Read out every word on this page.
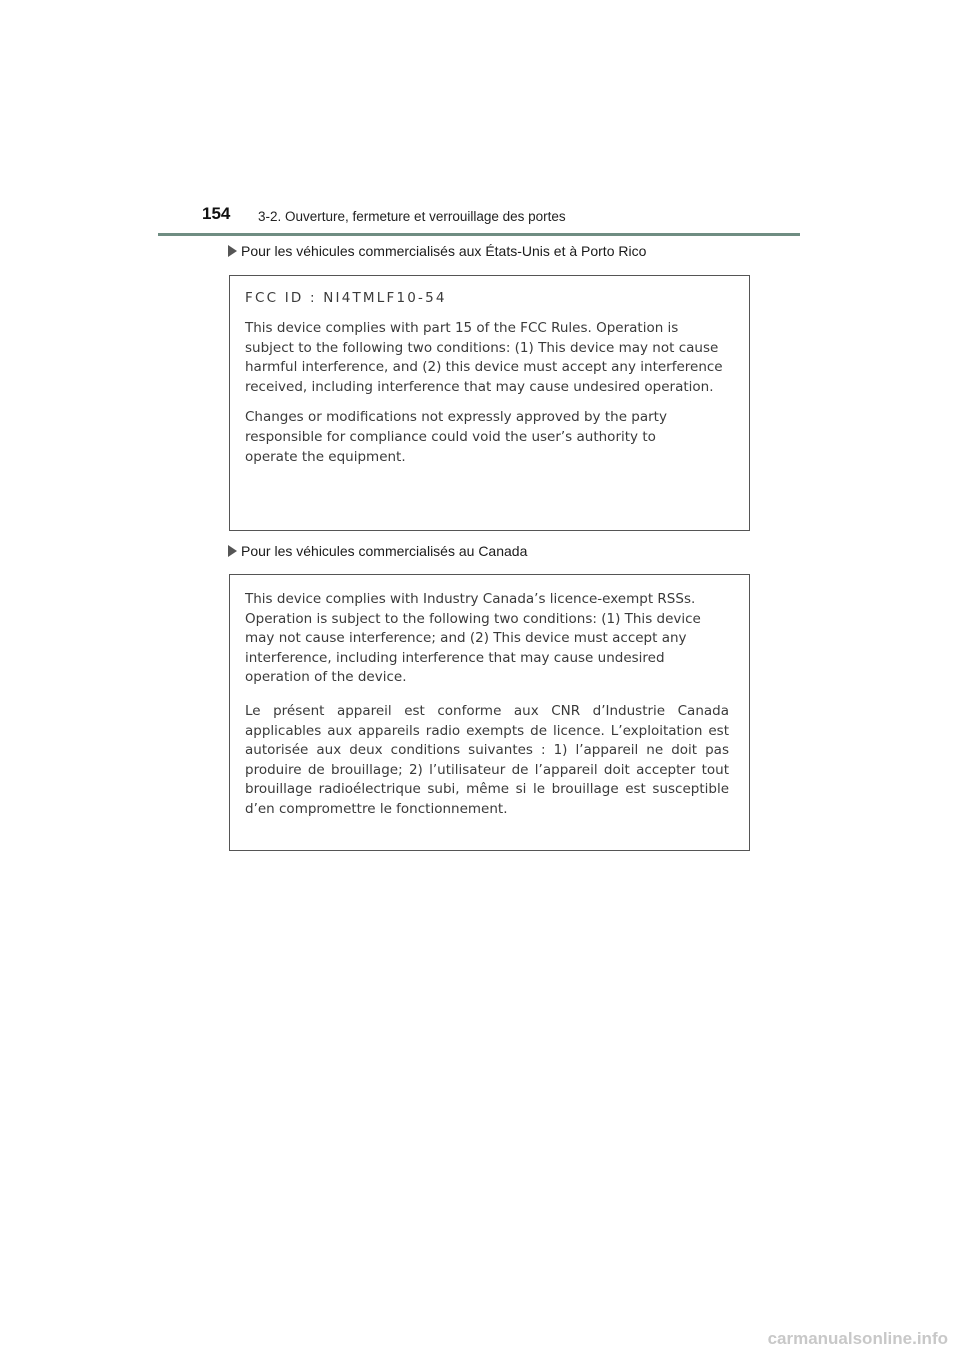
154 3-2. Ouverture, fermeture et verrouillage des portes
Pour les véhicules commercialisés aux États-Unis et à Porto Rico
FCC ID : NI4TMLF10-54

This device complies with part 15 of the FCC Rules. Operation is subject to the following two conditions: (1) This device may not cause harmful interference, and (2) this device must accept any interference received, including interference that may cause undesired operation.

Changes or modifications not expressly approved by the party responsible for compliance could void the user’s authority to operate the equipment.

Pour les véhicules commercialisés au Canada

This device complies with Industry Canada’s licence-exempt RSSs. Operation is subject to the following two conditions: (1) This device may not cause interference; and (2) This device must accept any interference, including interference that may cause undesired operation of the device.

Le présent appareil est conforme aux CNR d’Industrie Canada applicables aux appareils radio exempts de licence. L’exploitation est autorisée aux deux conditions suivantes : 1) l’appareil ne doit pas produire de brouillage; 2) l’utilisateur de l’appareil doit accepter tout brouillage radioélectrique subi, même si le brouillage est susceptible d’en compromettre le fonctionnement.

carmanualsonline.info
